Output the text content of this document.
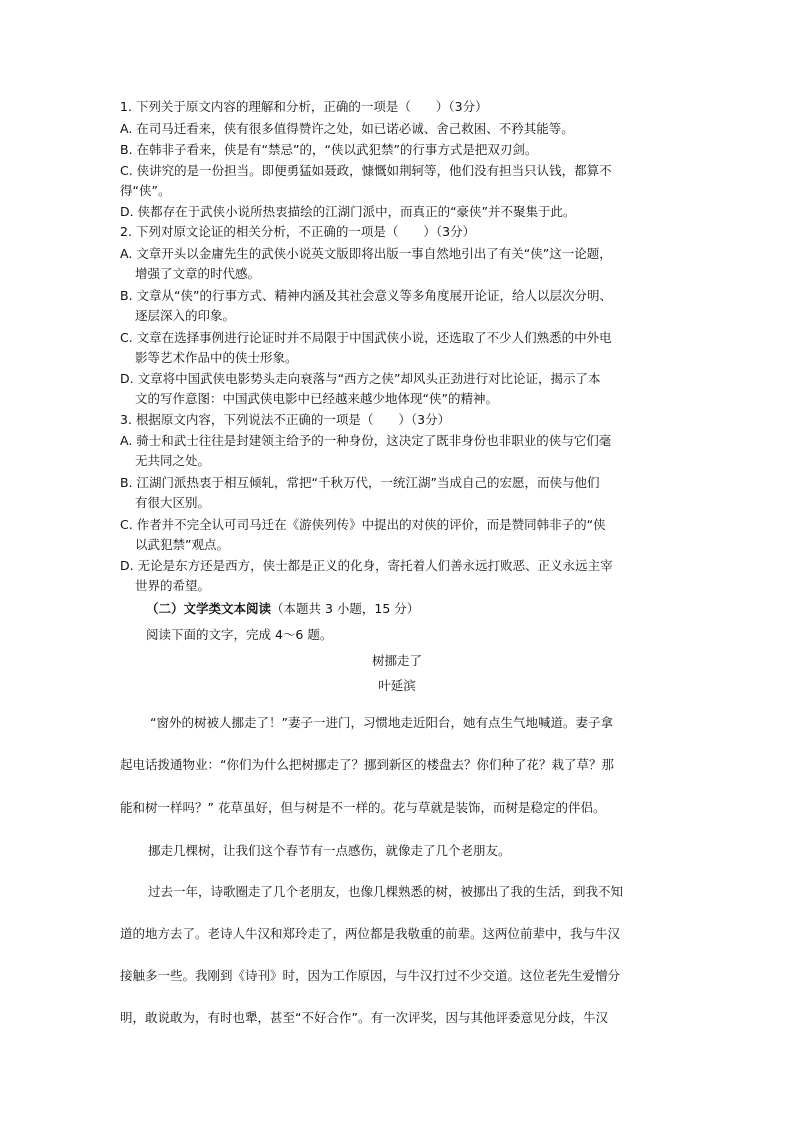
1. 下列关于原文内容的理解和分析，正确的一项是（　　）（3分）
A. 在司马迁看来，侠有很多值得赞许之处，如已诺必诚、舍己救困、不矜其能等。
B. 在韩非子看来，侠是有“禁忌”的，“侠以武犯禁”的行事方式是把双刃剑。
C. 侠讲究的是一份担当。即便勇猛如聂政，慷慨如荆轲等，他们没有担当只认钱，都算不
得“侠”。
D. 侠都存在于武侠小说所热衷描绘的江湖门派中，而真正的“豪侠”并不聚集于此。
2. 下列对原文论证的相关分析，不正确的一项是（　　）（3分）
A. 文章开头以金庸先生的武侠小说英文版即将出版一事自然地引出了有关“侠”这一论题，
增强了文章的时代感。
B. 文章从“侠”的行事方式、精神内涵及其社会意义等多角度展开论证，给人以层次分明、
逐层深入的印象。
C. 文章在选择事例进行论证时并不局限于中国武侠小说，还选取了不少人们熟悉的中外电
影等艺术作品中的侠士形象。
D. 文章将中国武侠电影势头走向衰落与“西方之侠”却风头正劲进行对比论证，揭示了本
文的写作意图：中国武侠电影中已经越来越少地体现“侠”的精神。
3. 根据原文内容，下列说法不正确的一项是（　　）（3分）
A. 骑士和武士往往是封建领主给予的一种身份，这决定了既非身份也非职业的侠与它们毫
无共同之处。
B. 江湖门派热衷于相互倾轧，常把“千秋万代，一统江湖”当成自己的宏愿，而侠与他们
有很大区别。
C. 作者并不完全认可司马迁在《游侠列传》中提出的对侠的评价，而是赞同韩非子的“侠
以武犯禁”观点。
D. 无论是东方还是西方，侠士都是正义的化身，寄托着人们善永远打败恶、正义永远主宰
世界的希望。
（二）文学类文本阅读（本题共 3 小题，15 分）
阅读下面的文字，完成 4～6 题。
树挪走了
叶延滨
“窗外的树被人挪走了！”妻子一进门，习惯地走近阳台，她有点生气地喊道。妻子拿
起电话拨通物业：“你们为什么把树挪走了？挪到新区的楼盘去？你们种了花？栽了草？那
能和树一样吗？” 花草虽好，但与树是不一样的。花与草就是装饰，而树是稳定的伴侣。
挪走几棵树，让我们这个春节有一点感伤，就像走了几个老朋友。
过去一年，诗歌圈走了几个老朋友，也像几棵熟悉的树，被挪出了我的生活，到我不知
道的地方去了。老诗人牛汉和郑玲走了，两位都是我敬重的前辈。这两位前辈中，我与牛汉
接触多一些。我刚到《诗刊》时，因为工作原因，与牛汉打过不少交道。这位老先生爱憎分
明，敢说敢为，有时也犟，甚至“不好合作”。有一次评奖，因与其他评委意见分歧，牛汉
